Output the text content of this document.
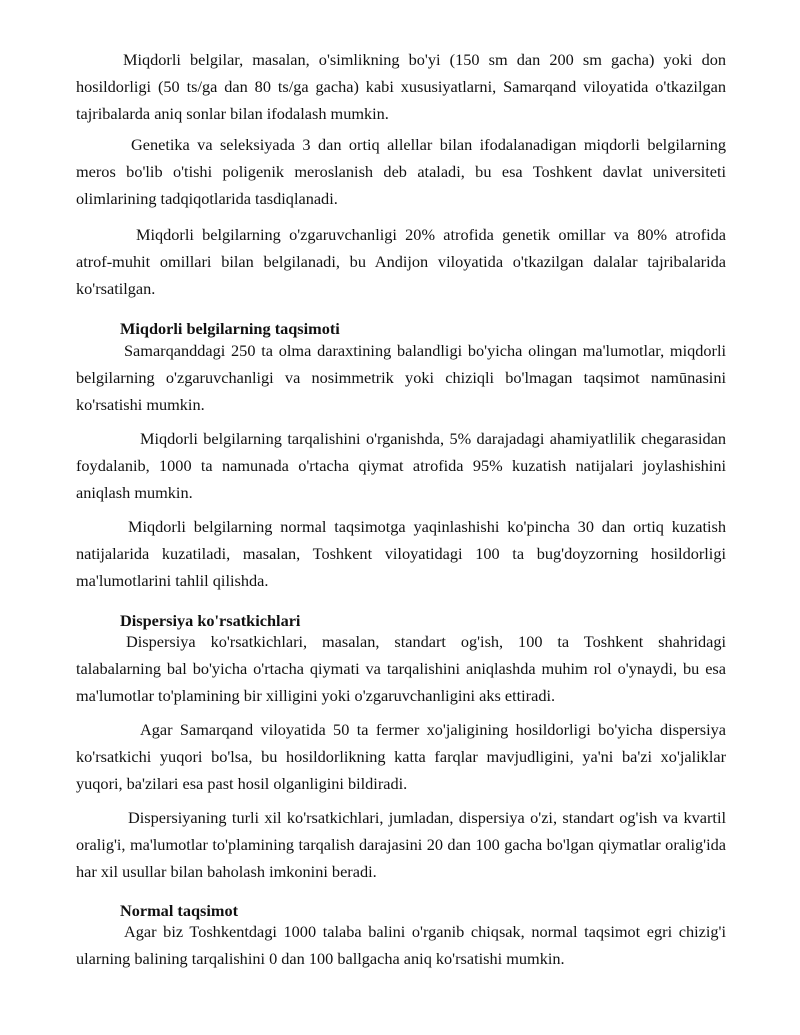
Miqdorli belgilar, masalan, o'simlikning bo'yi (150 sm dan 200 sm gacha) yoki don hosildorligi (50 ts/ga dan 80 ts/ga gacha) kabi xususiyatlarni, Samarqand viloyatida o'tkazilgan tajribalarda aniq sonlar bilan ifodalash mumkin.

Genetika va seleksiyada 3 dan ortiq allellar bilan ifodalanadigan miqdorli belgilarning meros bo'lib o'tishi poligenik meroslanish deb ataladi, bu esa Toshkent davlat universiteti olimlarining tadqiqotlarida tasdiqlanadi.

Miqdorli belgilarning o'zgaruvchanligi 20% atrofida genetik omillar va 80% atrofida atrof-muhit omillari bilan belgilanadi, bu Andijon viloyatida o'tkazilgan dalalar tajribalarida ko'rsatilgan.

Miqdorli belgilarning taqsimoti

Samarqanddagi 250 ta olma daraxtining balandligi bo'yicha olingan ma'lumotlar, miqdorli belgilarning o'zgaruvchanligi va nosimmetrik yoki chiziqli bo'lmagan taqsimot namūnasini ko'rsatishi mumkin.

Miqdorli belgilarning tarqalishini o'rganishda, 5% darajadagi ahamiyatlilik chegarasidan foydalanib, 1000 ta namunada o'rtacha qiymat atrofida 95% kuzatish natijalari joylashishini aniqlash mumkin.

Miqdorli belgilarning normal taqsimotga yaqinlashishi ko'pincha 30 dan ortiq kuzatish natijalarida kuzatiladi, masalan, Toshkent viloyatidagi 100 ta bug'doyzorning hosildorligi ma'lumotlarini tahlil qilishda.

Dispersiya ko'rsatkichlari

Dispersiya ko'rsatkichlari, masalan, standart og'ish, 100 ta Toshkent shahridagi talabalarning bal bo'yicha o'rtacha qiymati va tarqalishini aniqlashda muhim rol o'ynaydi, bu esa ma'lumotlar to'plamining bir xilligini yoki o'zgaruvchanligini aks ettiradi.

Agar Samarqand viloyatida 50 ta fermer xo'jaligining hosildorligi bo'yicha dispersiya ko'rsatkichi yuqori bo'lsa, bu hosildorlikning katta farqlar mavjudligini, ya'ni ba'zi xo'jaliklar yuqori, ba'zilari esa past hosil olganligini bildiradi.

Dispersiyaning turli xil ko'rsatkichlari, jumladan, dispersiya o'zi, standart og'ish va kvartil oralig'i, ma'lumotlar to'plamining tarqalish darajasini 20 dan 100 gacha bo'lgan qiymatlar oralig'ida har xil usullar bilan baholash imkonini beradi.

Normal taqsimot

Agar biz Toshkentdagi 1000 talaba balini o'rganib chiqsak, normal taqsimot egri chizig'i ularning balining tarqalishini 0 dan 100 ballgacha aniq ko'rsatishi mumkin.
